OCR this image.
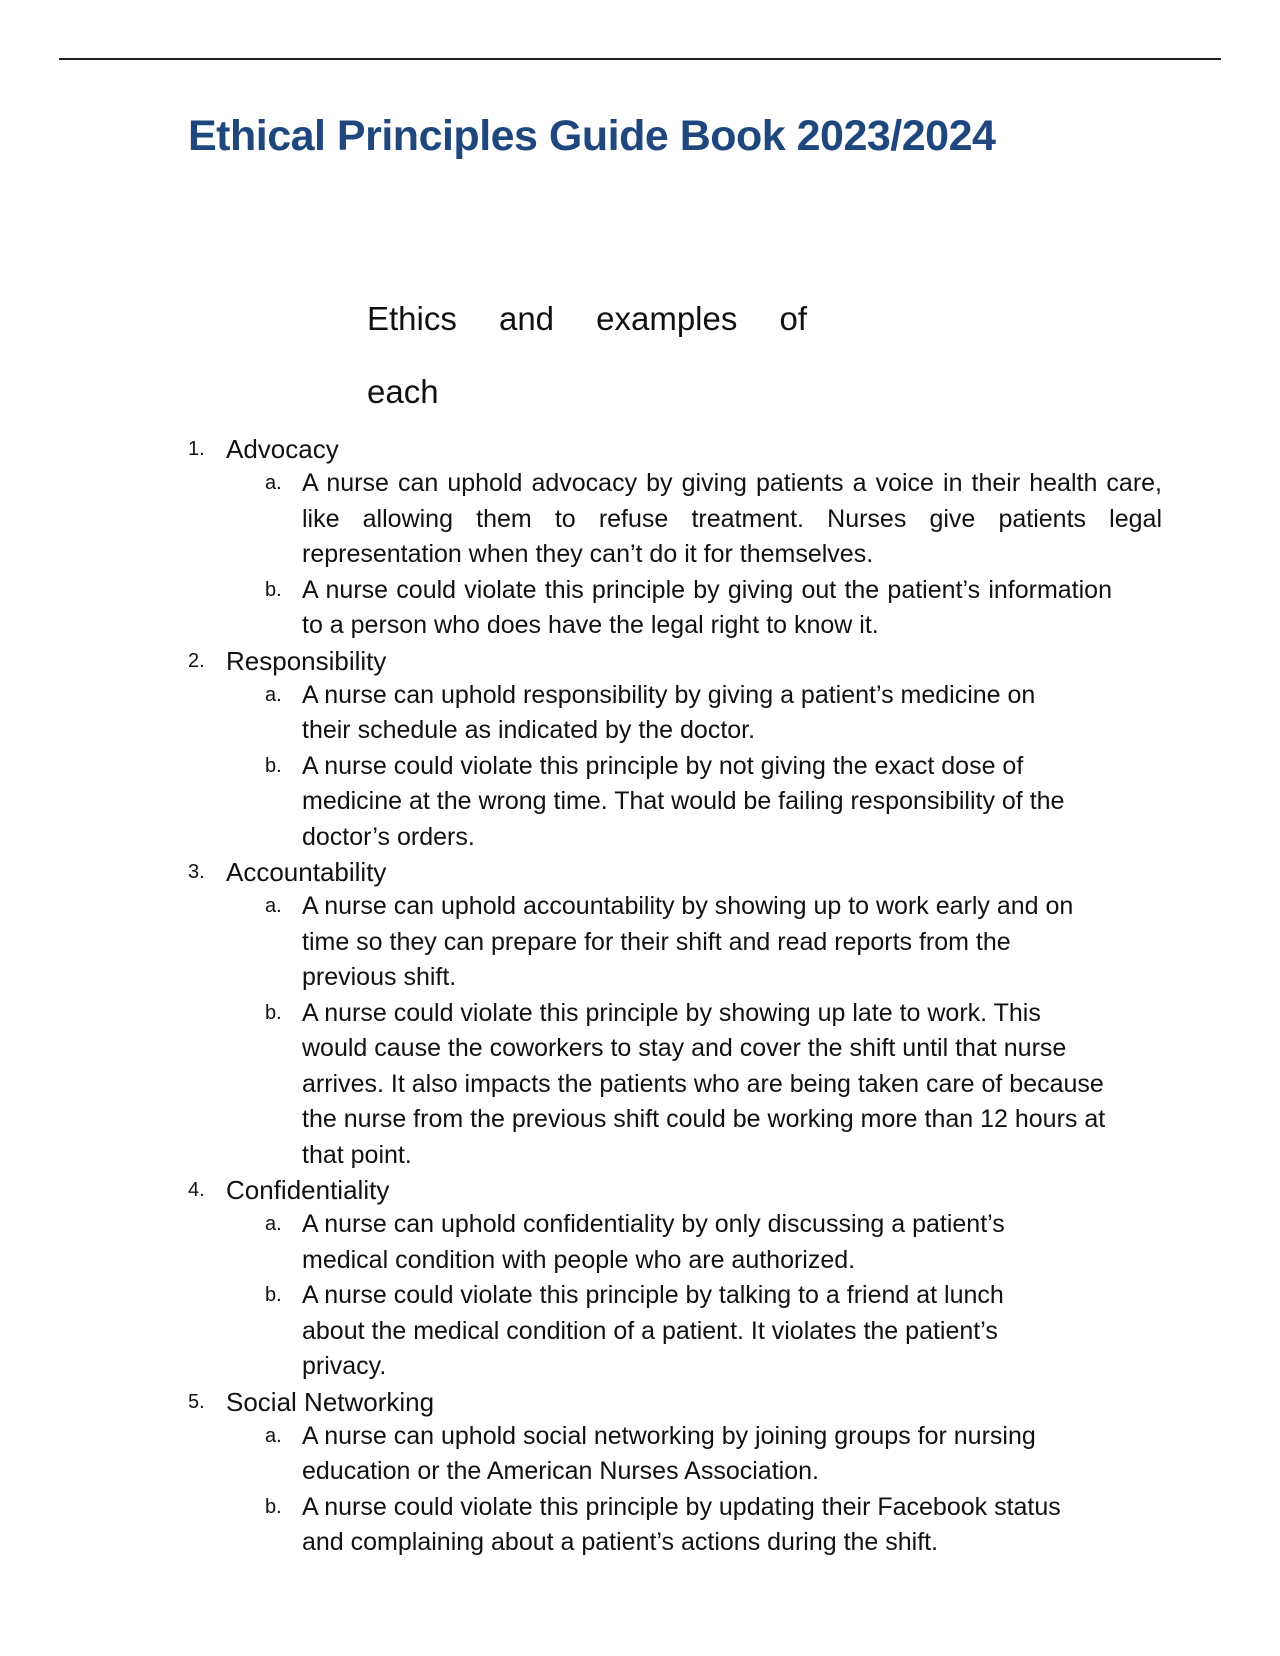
Ethical Principles Guide Book 2023/2024

Ethics and examples of
each

1. Advocacy
a. A nurse can uphold advocacy by giving patients a voice in their health care, like allowing them to refuse treatment. Nurses give patients legal representation when they can’t do it for themselves.
b. A nurse could violate this principle by giving out the patient’s information to a person who does have the legal right to know it.
2. Responsibility
a. A nurse can uphold responsibility by giving a patient’s medicine on their schedule as indicated by the doctor.
b. A nurse could violate this principle by not giving the exact dose of medicine at the wrong time. That would be failing responsibility of the doctor’s orders.
3. Accountability
a. A nurse can uphold accountability by showing up to work early and on time so they can prepare for their shift and read reports from the previous shift.
b. A nurse could violate this principle by showing up late to work. This would cause the coworkers to stay and cover the shift until that nurse arrives. It also impacts the patients who are being taken care of because the nurse from the previous shift could be working more than 12 hours at that point.
4. Confidentiality
a. A nurse can uphold confidentiality by only discussing a patient’s medical condition with people who are authorized.
b. A nurse could violate this principle by talking to a friend at lunch about the medical condition of a patient. It violates the patient’s privacy.
5. Social Networking
a. A nurse can uphold social networking by joining groups for nursing education or the American Nurses Association.
b. A nurse could violate this principle by updating their Facebook status and complaining about a patient’s actions during the shift.
